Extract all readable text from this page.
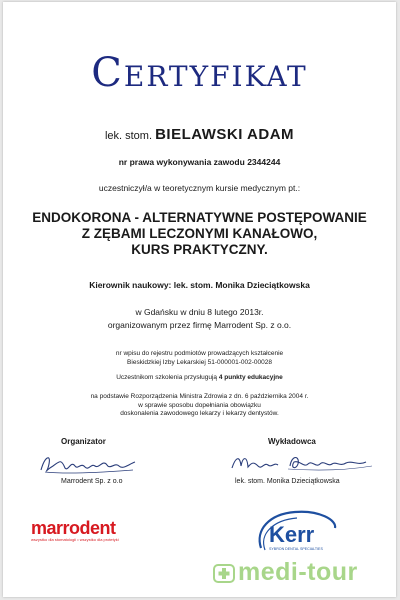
Certyfikat
lek. stom. BIELAWSKI ADAM
nr prawa wykonywania zawodu 2344244
uczestniczył/a w teoretycznym kursie medycznym pt.:
ENDOKORONA - ALTERNATYWNE POSTĘPOWANIE
Z ZĘBAMI LECZONYMI KANAŁOWO,
KURS PRAKTYCZNY.
Kierownik naukowy: lek. stom. Monika Dzieciątkowska
w Gdańsku w dniu 8 lutego 2013r.
organizowanym przez firmę Marrodent Sp. z o.o.
nr wpisu do rejestru podmiotów prowadzących kształcenie
Bieskidzkiej Izby Lekarskiej 51-000001-002-00028
Uczestnikom szkolenia przysługują 4 punkty edukacyjne
na podstawie Rozporządzenia Ministra Zdrowia z dn. 6 października 2004 r.
w sprawie sposobu dopełniania obowiązku
doskonalenia zawodowego lekarzy i lekarzy dentystów.
Organizator
Marrodent Sp. z o.o
Wykładowca
lek. stom. Monika Dzieciątkowska
marrodent
wszystko dla stomatologii • wszystko dla protetyki	Kerr
SYBRON DENTAL SPECIALTIES
medi-tour
